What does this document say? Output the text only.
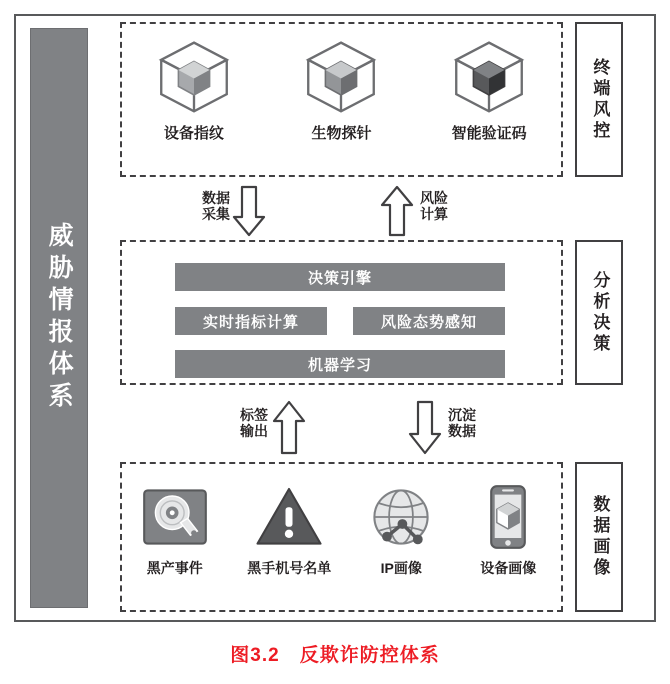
威胁情报体系
设备指纹	生物探针	智能验证码	终端风控
数据
采集
风险
计算
决策引擎
实时指标计算	风险态势感知
机器学习
分析决策
标签
输出
沉淀
数据
黑产事件	黑手机号名单	IP画像	设备画像	数据画像
图3.2　反欺诈防控体系
